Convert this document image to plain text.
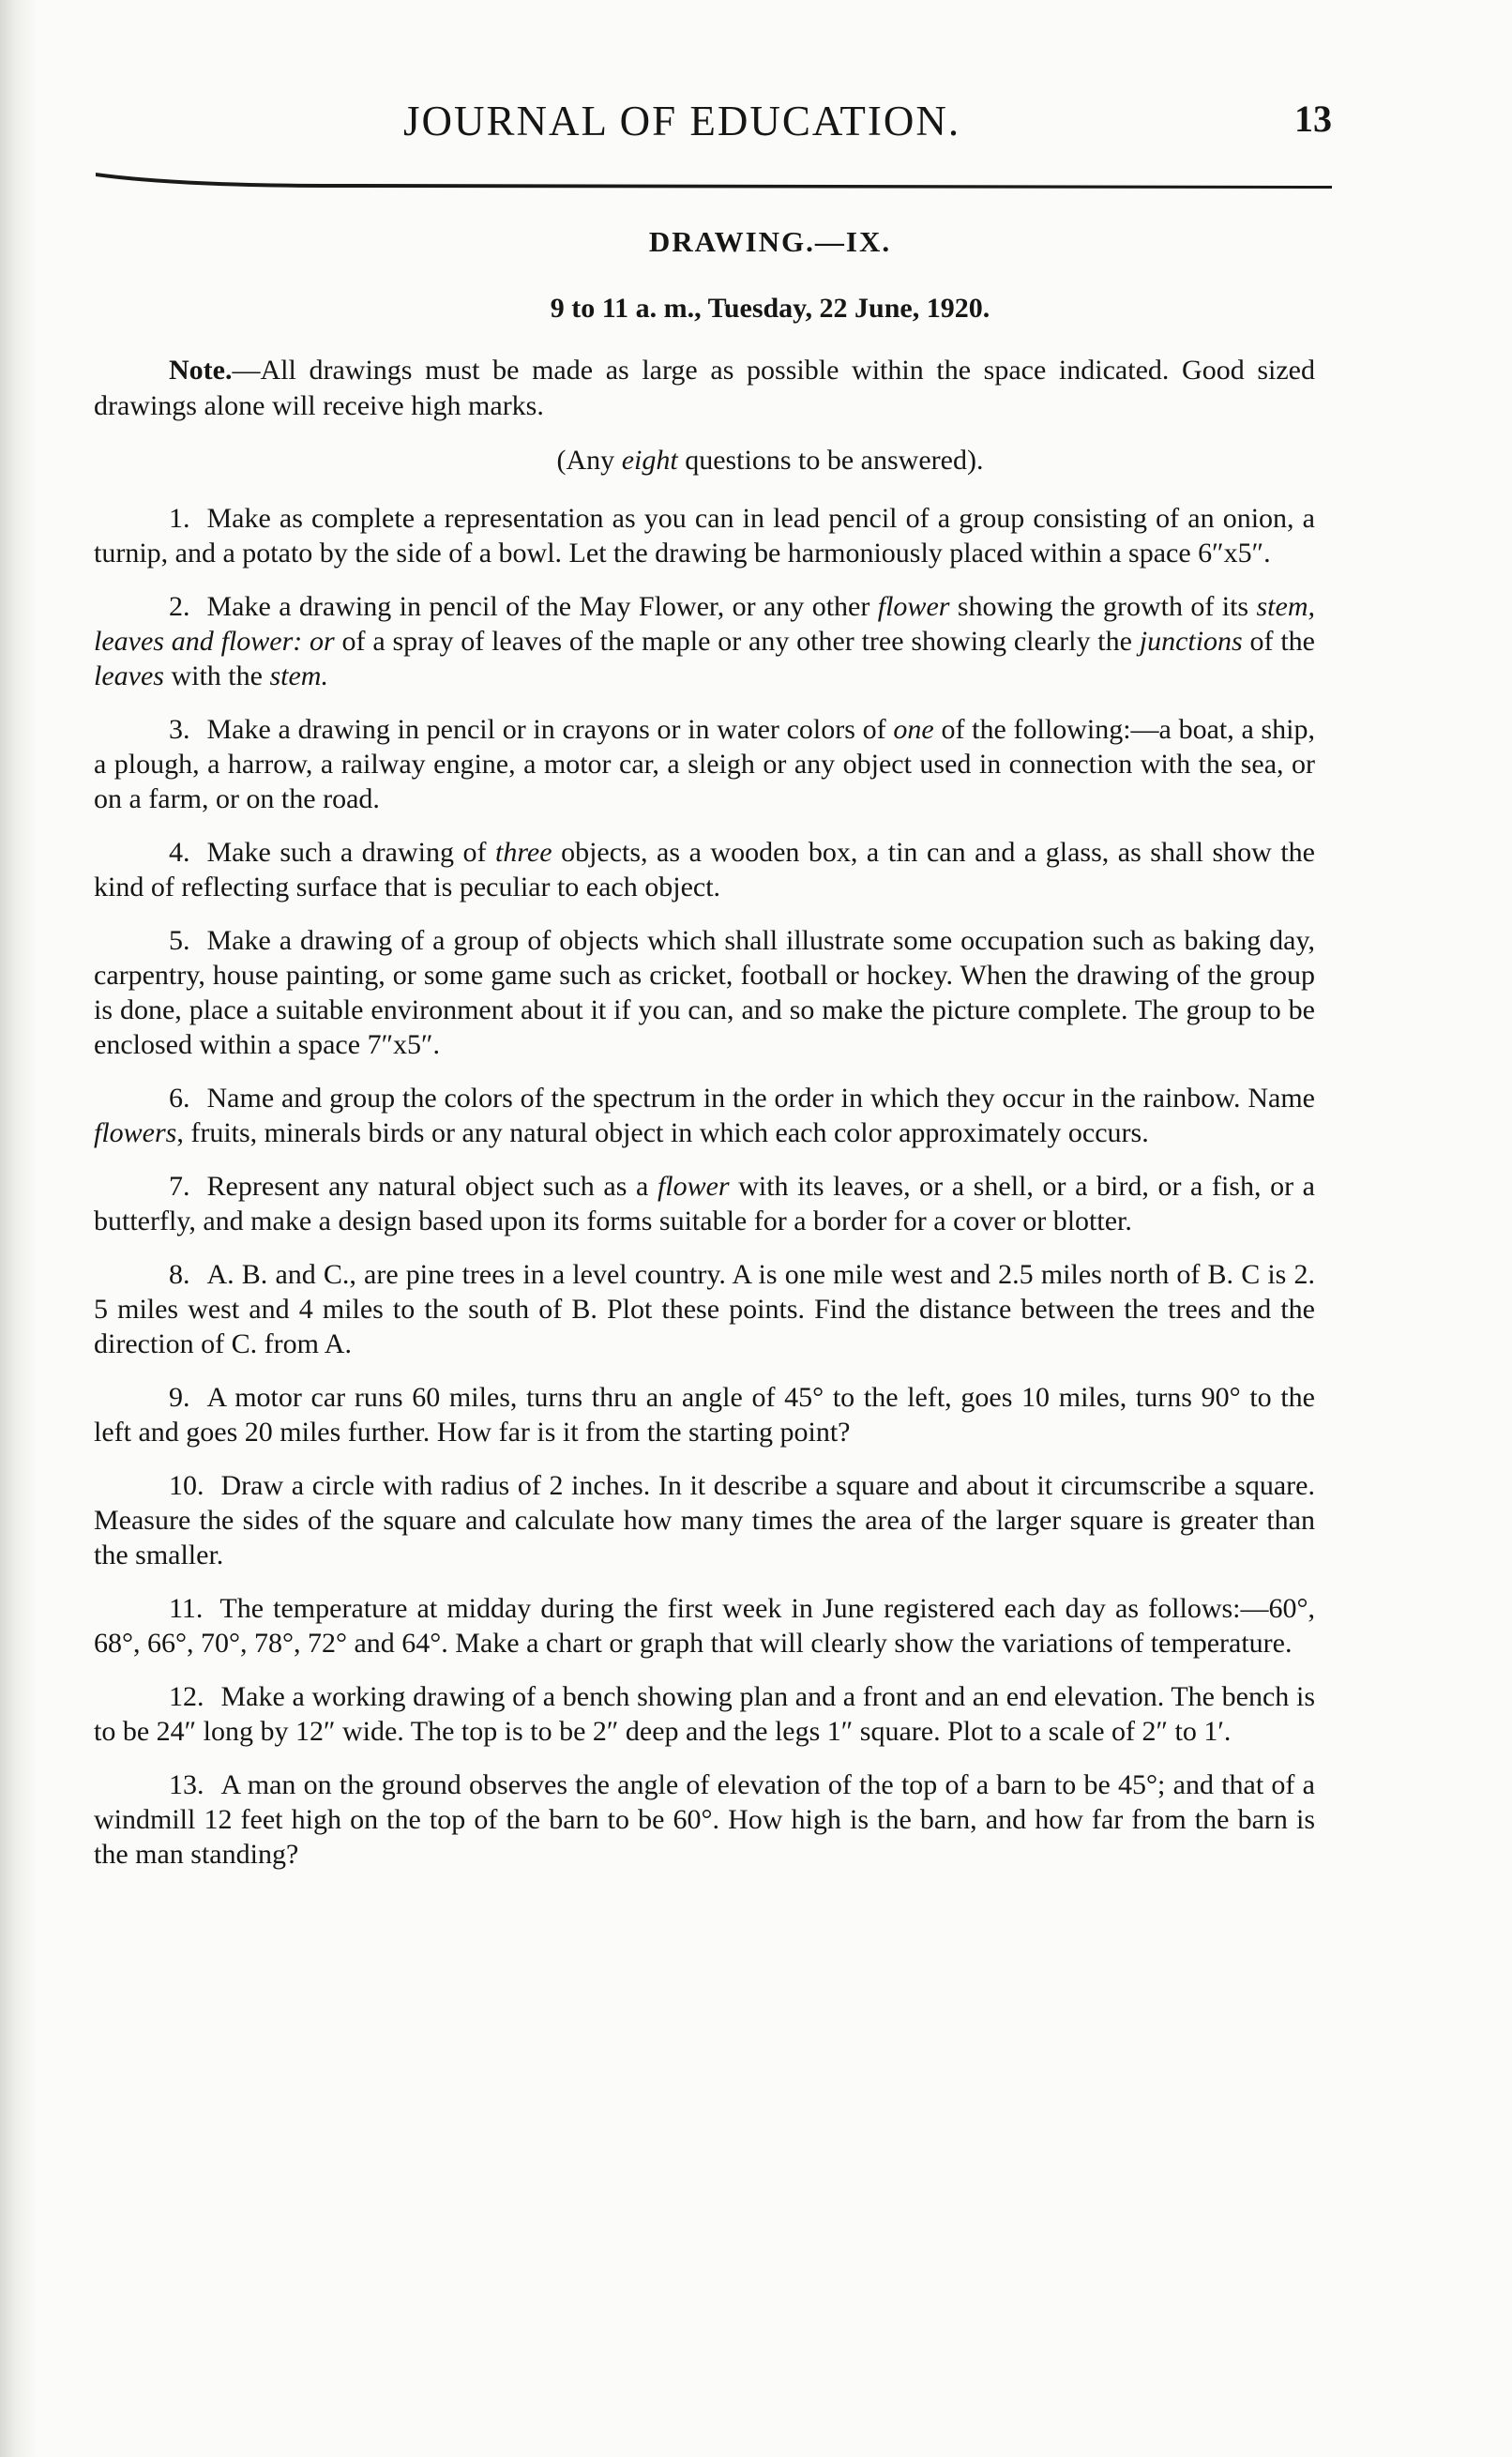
JOURNAL OF EDUCATION.	13
DRAWING.—IX.
9 to 11 a. m., Tuesday, 22 June, 1920.

Note.—All drawings must be made as large as possible within the space indicated. Good sized drawings alone will receive high marks.

(Any eight questions to be answered).

1. Make as complete a representation as you can in lead pencil of a group consisting of an onion, a turnip, and a potato by the side of a bowl. Let the drawing be harmoniously placed within a space 6″x5″.
2. Make a drawing in pencil of the May Flower, or any other flower showing the growth of its stem, leaves and flower: or of a spray of leaves of the maple or any other tree showing clearly the junctions of the leaves with the stem.
3. Make a drawing in pencil or in crayons or in water colors of one of the following:—a boat, a ship, a plough, a harrow, a railway engine, a motor car, a sleigh or any object used in connection with the sea, or on a farm, or on the road.
4. Make such a drawing of three objects, as a wooden box, a tin can and a glass, as shall show the kind of reflecting surface that is peculiar to each object.
5. Make a drawing of a group of objects which shall illustrate some occupation such as baking day, carpentry, house painting, or some game such as cricket, football or hockey. When the drawing of the group is done, place a suitable environment about it if you can, and so make the picture complete. The group to be enclosed within a space 7″x5″.
6. Name and group the colors of the spectrum in the order in which they occur in the rainbow. Name flowers, fruits, minerals birds or any natural object in which each color approximately occurs.
7. Represent any natural object such as a flower with its leaves, or a shell, or a bird, or a fish, or a butterfly, and make a design based upon its forms suitable for a border for a cover or blotter.
8. A. B. and C., are pine trees in a level country. A is one mile west and 2.5 miles north of B. C is 2. 5 miles west and 4 miles to the south of B. Plot these points. Find the distance between the trees and the direction of C. from A.
9. A motor car runs 60 miles, turns thru an angle of 45° to the left, goes 10 miles, turns 90° to the left and goes 20 miles further. How far is it from the starting point?
10. Draw a circle with radius of 2 inches. In it describe a square and about it circumscribe a square. Measure the sides of the square and calculate how many times the area of the larger square is greater than the smaller.
11. The temperature at midday during the first week in June registered each day as follows:—60°, 68°, 66°, 70°, 78°, 72° and 64°. Make a chart or graph that will clearly show the variations of temperature.
12. Make a working drawing of a bench showing plan and a front and an end elevation. The bench is to be 24″ long by 12″ wide. The top is to be 2″ deep and the legs 1″ square. Plot to a scale of 2″ to 1′.
13. A man on the ground observes the angle of elevation of the top of a barn to be 45°; and that of a windmill 12 feet high on the top of the barn to be 60°. How high is the barn, and how far from the barn is the man standing?
